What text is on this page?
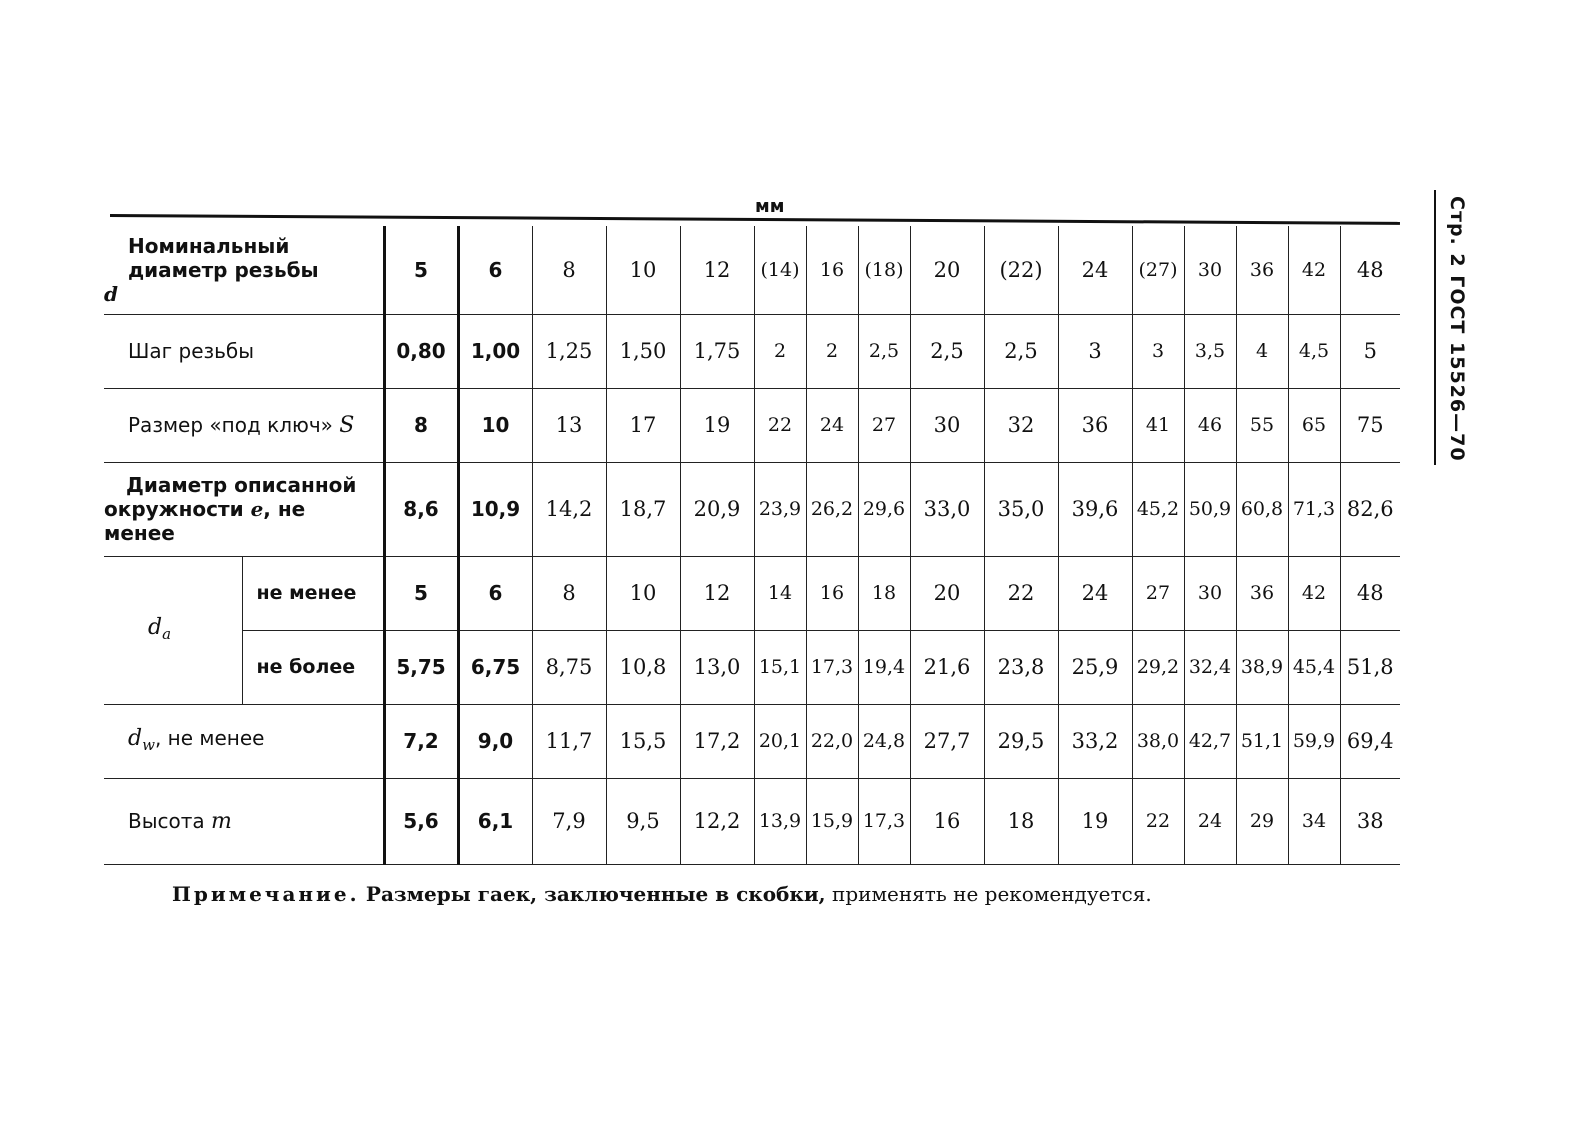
мм	Стр. 2 ГОСТ 15526—70
Номинальный диаметр резьбы d		5	6	8	10	12	(14)	16	(18)	20	(22)	24	(27)	30	36	42	48
Шаг резьбы		0,80	1,00	1,25	1,50	1,75	2	2	2,5	2,5	2,5	3	3	3,5	4	4,5	5
Размер «под ключ» S		8	10	13	17	19	22	24	27	30	32	36	41	46	55	65	75

Диаметр описанной
окружности e, не менее		8,6	10,9	14,2	18,7	20,9	23,9	26,2	29,6	33,0	35,0	39,6	45,2	50,9	60,8	71,3	82,6
$d_a$	не менее	5	6	8	10	12	14	16	18	20	22	24	27	30	36	42	48
	не более	5,75	6,75	8,75	10,8	13,0	15,1	17,3	19,4	21,6	23,8	25,9	29,2	32,4	38,9	45,4	51,8
$d_w$, не менее		7,2	9,0	11,7	15,5	17,2	20,1	22,0	24,8	27,7	29,5	33,2	38,0	42,7	51,1	59,9	69,4
Высота m		5,6	6,1	7,9	9,5	12,2	13,9	15,9	17,3	16	18	19	22	24	29	34	38
Примечание. Размеры гаек, заключенные в скобки, применять не рекомендуется.
